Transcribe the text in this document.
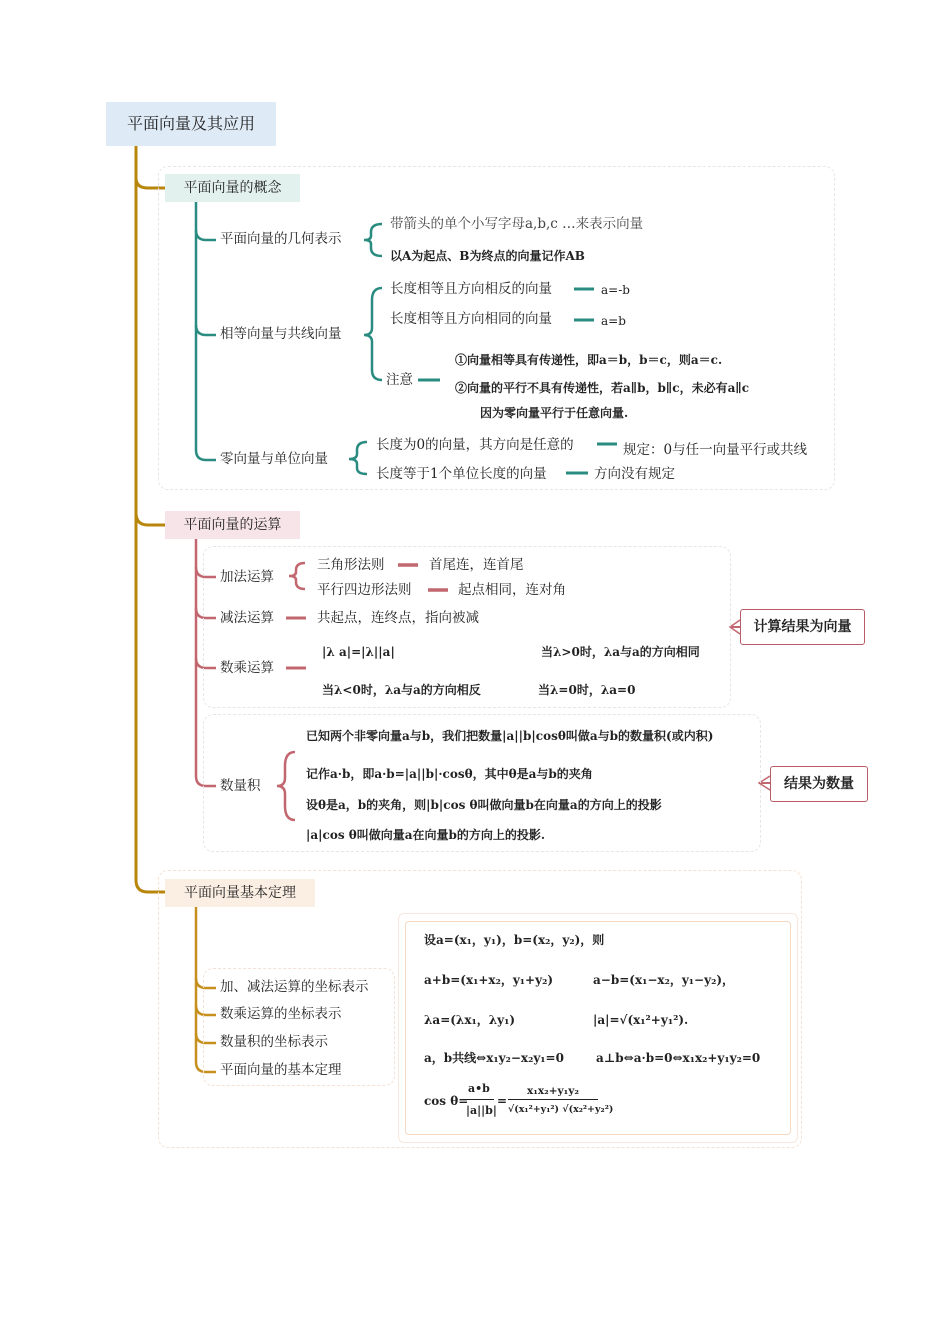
平面向量及其应用
平面向量的概念
平面向量的几何表示
带箭头的单个小写字母a,b,c …来表示向量
以A为起点、B为终点的向量记作AB
相等向量与共线向量
长度相等且方向相反的向量	a=-b
长度相等且方向相同的向量	a=b
注意
①向量相等具有传递性，即a＝b，b＝c，则a＝c.
②向量的平行不具有传递性，若a∥b，b∥c，未必有a∥c
因为零向量平行于任意向量.
零向量与单位向量
长度为0的向量，其方向是任意的	规定：0与任一向量平行或共线
长度等于1个单位长度的向量	方向没有规定
平面向量的运算
加法运算
三角形法则	首尾连，连首尾
平行四边形法则	起点相同，连对角
减法运算	共起点，连终点，指向被减
数乘运算
|λ a|=|λ||a|	当λ>0时，λa与a的方向相同
当λ<0时，λa与a的方向相反	当λ=0时，λa=0
数量积
已知两个非零向量a与b，我们把数量|a||b|cosθ叫做a与b的数量积(或内积)
记作a·b，即a·b=|a||b|·cosθ，其中θ是a与b的夹角
设θ是a，b的夹角，则|b|cos θ叫做向量b在向量a的方向上的投影
|a|cos θ叫做向量a在向量b的方向上的投影.
计算结果为向量
结果为数量
平面向量基本定理
加、减法运算的坐标表示
数乘运算的坐标表示
数量积的坐标表示
平面向量的基本定理
设a=(x₁，y₁)，b=(x₂，y₂)，则
a+b=(x₁+x₂，y₁+y₂)	a−b=(x₁−x₂，y₁−y₂)，
λa=(λx₁，λy₁)	|a|=√(x₁²+y₁²).
a，b共线⇔x₁y₂−x₂y₁=0	a⊥b⇔a·b=0⇔x₁x₂+y₁y₂=0
cos θ=
a•b
|a||b|
=
x₁x₂+y₁y₂
√(x₁²+y₁²) √(x₂²+y₂²)
